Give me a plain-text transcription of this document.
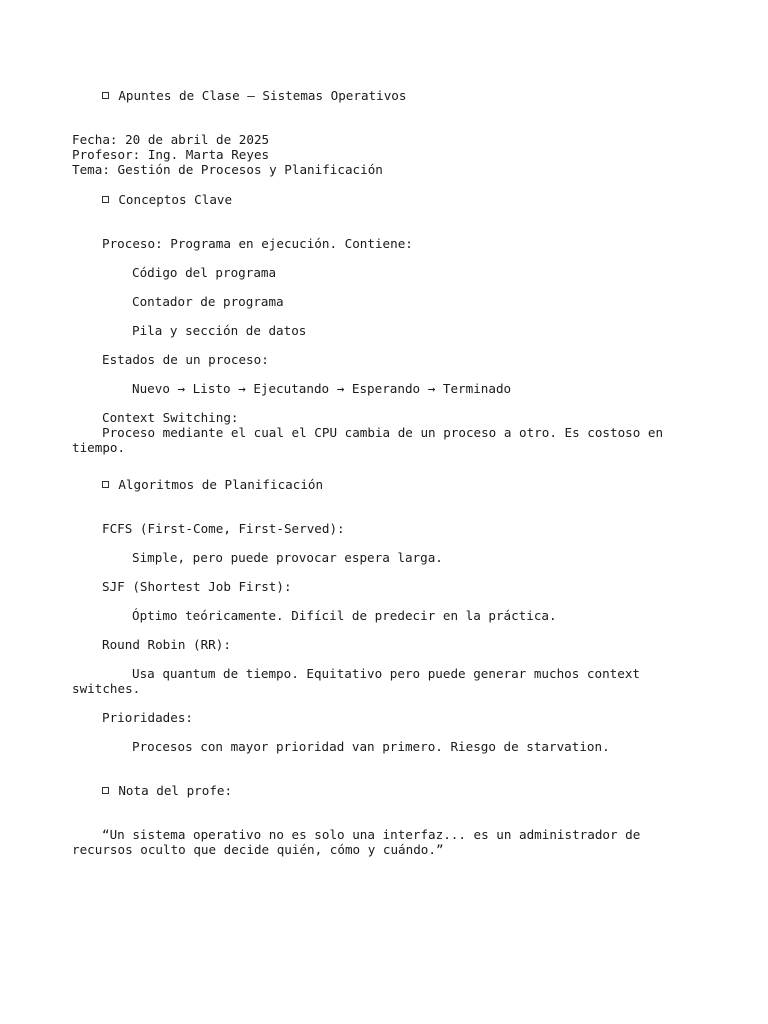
Apuntes de Clase – Sistemas Operativos

Fecha: 20 de abril de 2025
Profesor: Ing. Marta Reyes
Tema: Gestión de Procesos y Planificación

Conceptos Clave

Proceso: Programa en ejecución. Contiene:
Código del programa
Contador de programa
Pila y sección de datos
Estados de un proceso:
Nuevo → Listo → Ejecutando → Esperando → Terminado
Context Switching:
Proceso mediante el cual el CPU cambia de un proceso a otro. Es costoso en tiempo.

Algoritmos de Planificación

FCFS (First-Come, First-Served):
Simple, pero puede provocar espera larga.
SJF (Shortest Job First):
Óptimo teóricamente. Difícil de predecir en la práctica.
Round Robin (RR):
Usa quantum de tiempo. Equitativo pero puede generar muchos context switches.
Prioridades:
Procesos con mayor prioridad van primero. Riesgo de starvation.

Nota del profe:

“Un sistema operativo no es solo una interfaz... es un administrador de recursos oculto que decide quién, cómo y cuándo.”
